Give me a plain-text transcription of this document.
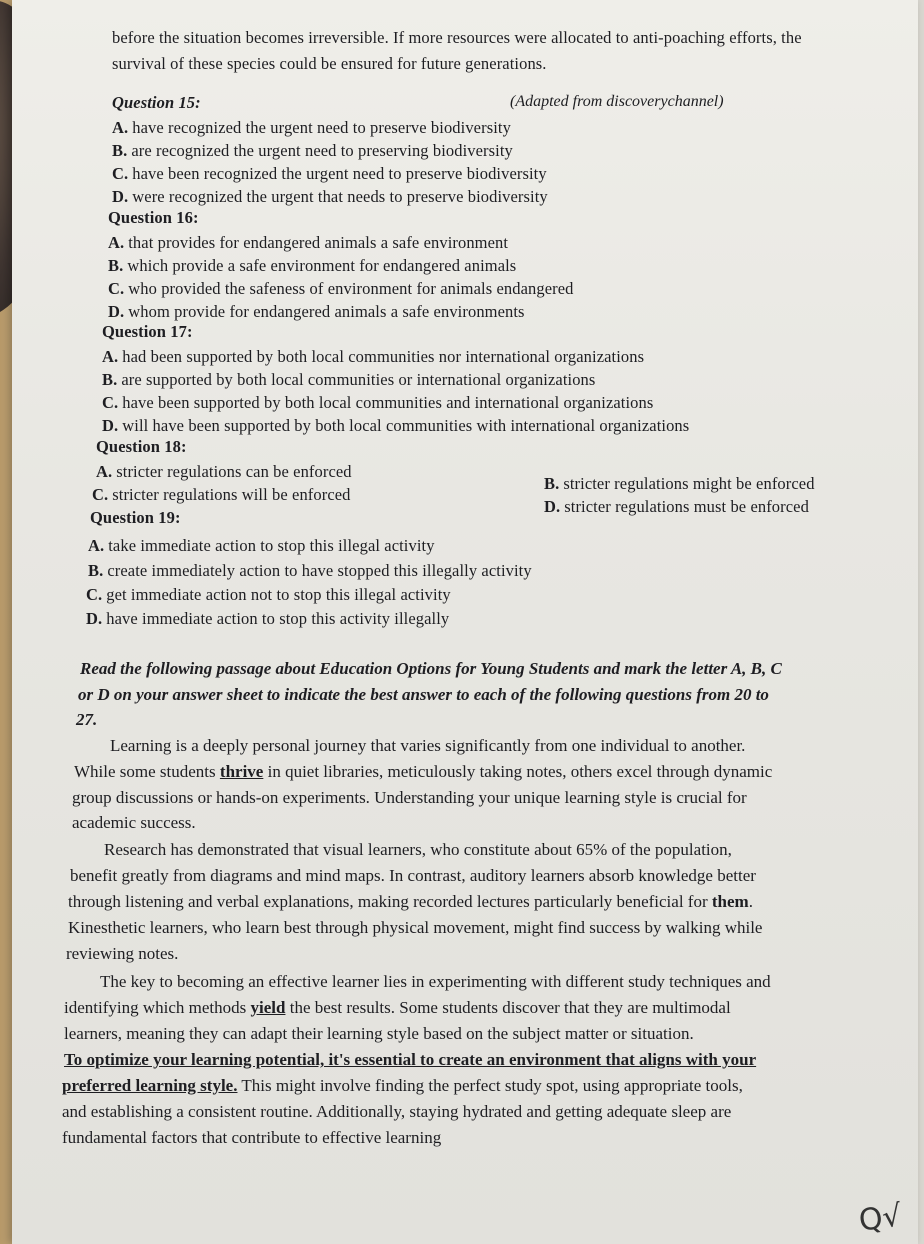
before the situation becomes irreversible. If more resources were allocated to anti-poaching efforts, the
survival of these species could be ensured for future generations.
Question 15:	(Adapted from discoverychannel)
A. have recognized the urgent need to preserve biodiversity
B. are recognized the urgent need to preserving biodiversity
C. have been recognized the urgent need to preserve biodiversity
D. were recognized the urgent that needs to preserve biodiversity
Question 16:
A. that provides for endangered animals a safe environment
B. which provide a safe environment for endangered animals
C. who provided the safeness of environment for animals endangered
D. whom provide for endangered animals a safe environments
Question 17:
A. had been supported by both local communities nor international organizations
B. are supported by both local communities or international organizations
C. have been supported by both local communities and international organizations
D. will have been supported by both local communities with international organizations
Question 18:
A. stricter regulations can be enforced
B. stricter regulations might be enforced
C. stricter regulations will be enforced
D. stricter regulations must be enforced
Question 19:
A. take immediate action to stop this illegal activity
B. create immediately action to have stopped this illegally activity
C. get immediate action not to stop this illegal activity
D. have immediate action to stop this activity illegally
Read the following passage about Education Options for Young Students and mark the letter A, B, C
or D on your answer sheet to indicate the best answer to each of the following questions from 20 to
27.
Learning is a deeply personal journey that varies significantly from one individual to another.
While some students thrive in quiet libraries, meticulously taking notes, others excel through dynamic
group discussions or hands-on experiments. Understanding your unique learning style is crucial for
academic success.
Research has demonstrated that visual learners, who constitute about 65% of the population,
benefit greatly from diagrams and mind maps. In contrast, auditory learners absorb knowledge better
through listening and verbal explanations, making recorded lectures particularly beneficial for them.
Kinesthetic learners, who learn best through physical movement, might find success by walking while
reviewing notes.
The key to becoming an effective learner lies in experimenting with different study techniques and
identifying which methods yield the best results. Some students discover that they are multimodal
learners, meaning they can adapt their learning style based on the subject matter or situation.
To optimize your learning potential, it's essential to create an environment that aligns with your
preferred learning style. This might involve finding the perfect study spot, using appropriate tools,
and establishing a consistent routine. Additionally, staying hydrated and getting adequate sleep are
fundamental factors that contribute to effective learning
Q√
